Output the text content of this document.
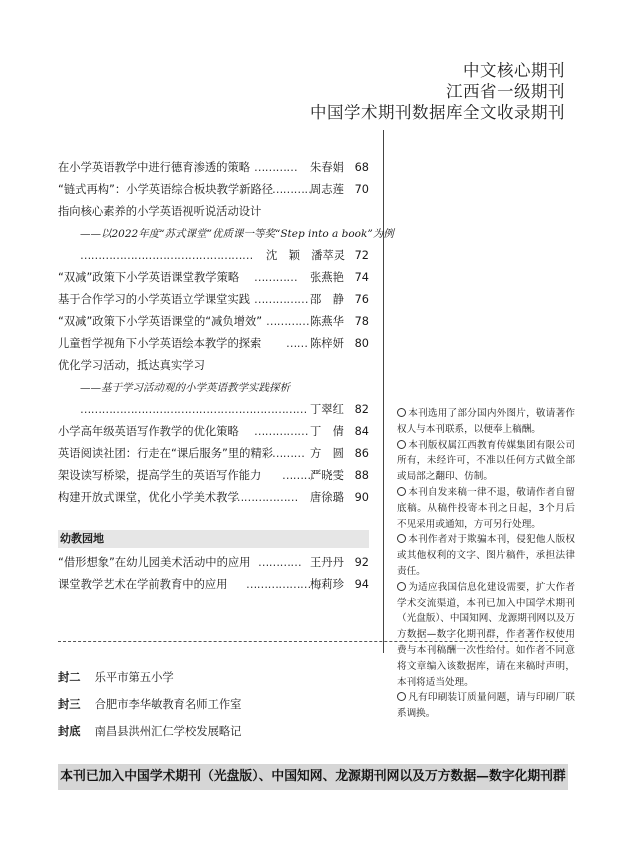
中文核心期刊
江西省一级期刊
中国学术期刊数据库全文收录期刊
在小学英语教学中进行德育渗透的策略 ………… 朱春娟 68
“链式再构”：小学英语综合板块教学新路径
…………
周志莲 70
指向核心素养的小学英语视听说活动设计
——以2022年度“苏式课堂”优质课一等奖“Step into a book”为例
………………………………………… 沈　颖　潘萃灵 72
“双减”政策下小学英语课堂教学策略 ………… 张燕艳 74
基于合作学习的小学英语立学课堂实践 …………… 邵　静 76
“双减”政策下小学英语课堂的“减负增效” ………… 陈燕华 78
儿童哲学视角下小学英语绘本教学的探索 …… 陈梓妍 80
优化学习活动，抵达真实学习
——基于学习活动观的小学英语教学实践探析
……………………………………………………… 丁翠红 82
小学高年级英语写作教学的优化策略 …………… 丁　倩 84
英语阅读社团：行走在“课后服务”里的精彩
……… 方　圆 86
架设读写桥梁，提高学生的英语写作能力 ………
严晓雯 88
构建开放式课堂，优化小学美术教学
……………… 唐徐璐 90
幼教园地
“借形想象”在幼儿园美术活动中的应用 ………… 王丹丹 92
课堂教学艺术在学前教育中的应用 ……………… 梅莉珍 94

本刊选用了部分国内外图片，敬请著作权人与本刊联系，以便奉上稿酬。

本刊版权属江西教育传媒集团有限公司所有，未经许可，不准以任何方式做全部或局部之翻印、仿制。

本刊自发来稿一律不退，敬请作者自留底稿。从稿件投寄本刊之日起，3个月后不见采用或通知，方可另行处理。

本刊作者对于欺骗本刊，侵犯他人版权或其他权利的文字、图片稿件，承担法律责任。

为适应我国信息化建设需要，扩大作者学术交流渠道，本刊已加入中国学术期刊（光盘版）、中国知网、龙源期刊网以及万方数据—数字化期刊群，作者著作权使用费与本刊稿酬一次性给付。如作者不同意将文章编入该数据库，请在来稿时声明，本刊将适当处理。

凡有印刷装订质量问题，请与印刷厂联系调换。

封二 乐平市第五小学
封三 合肥市李华敏教育名师工作室
封底 南昌县洪州汇仁学校发展略记
本刊已加入中国学术期刊（光盘版）、中国知网、龙源期刊网以及万方数据—数字化期刊群
